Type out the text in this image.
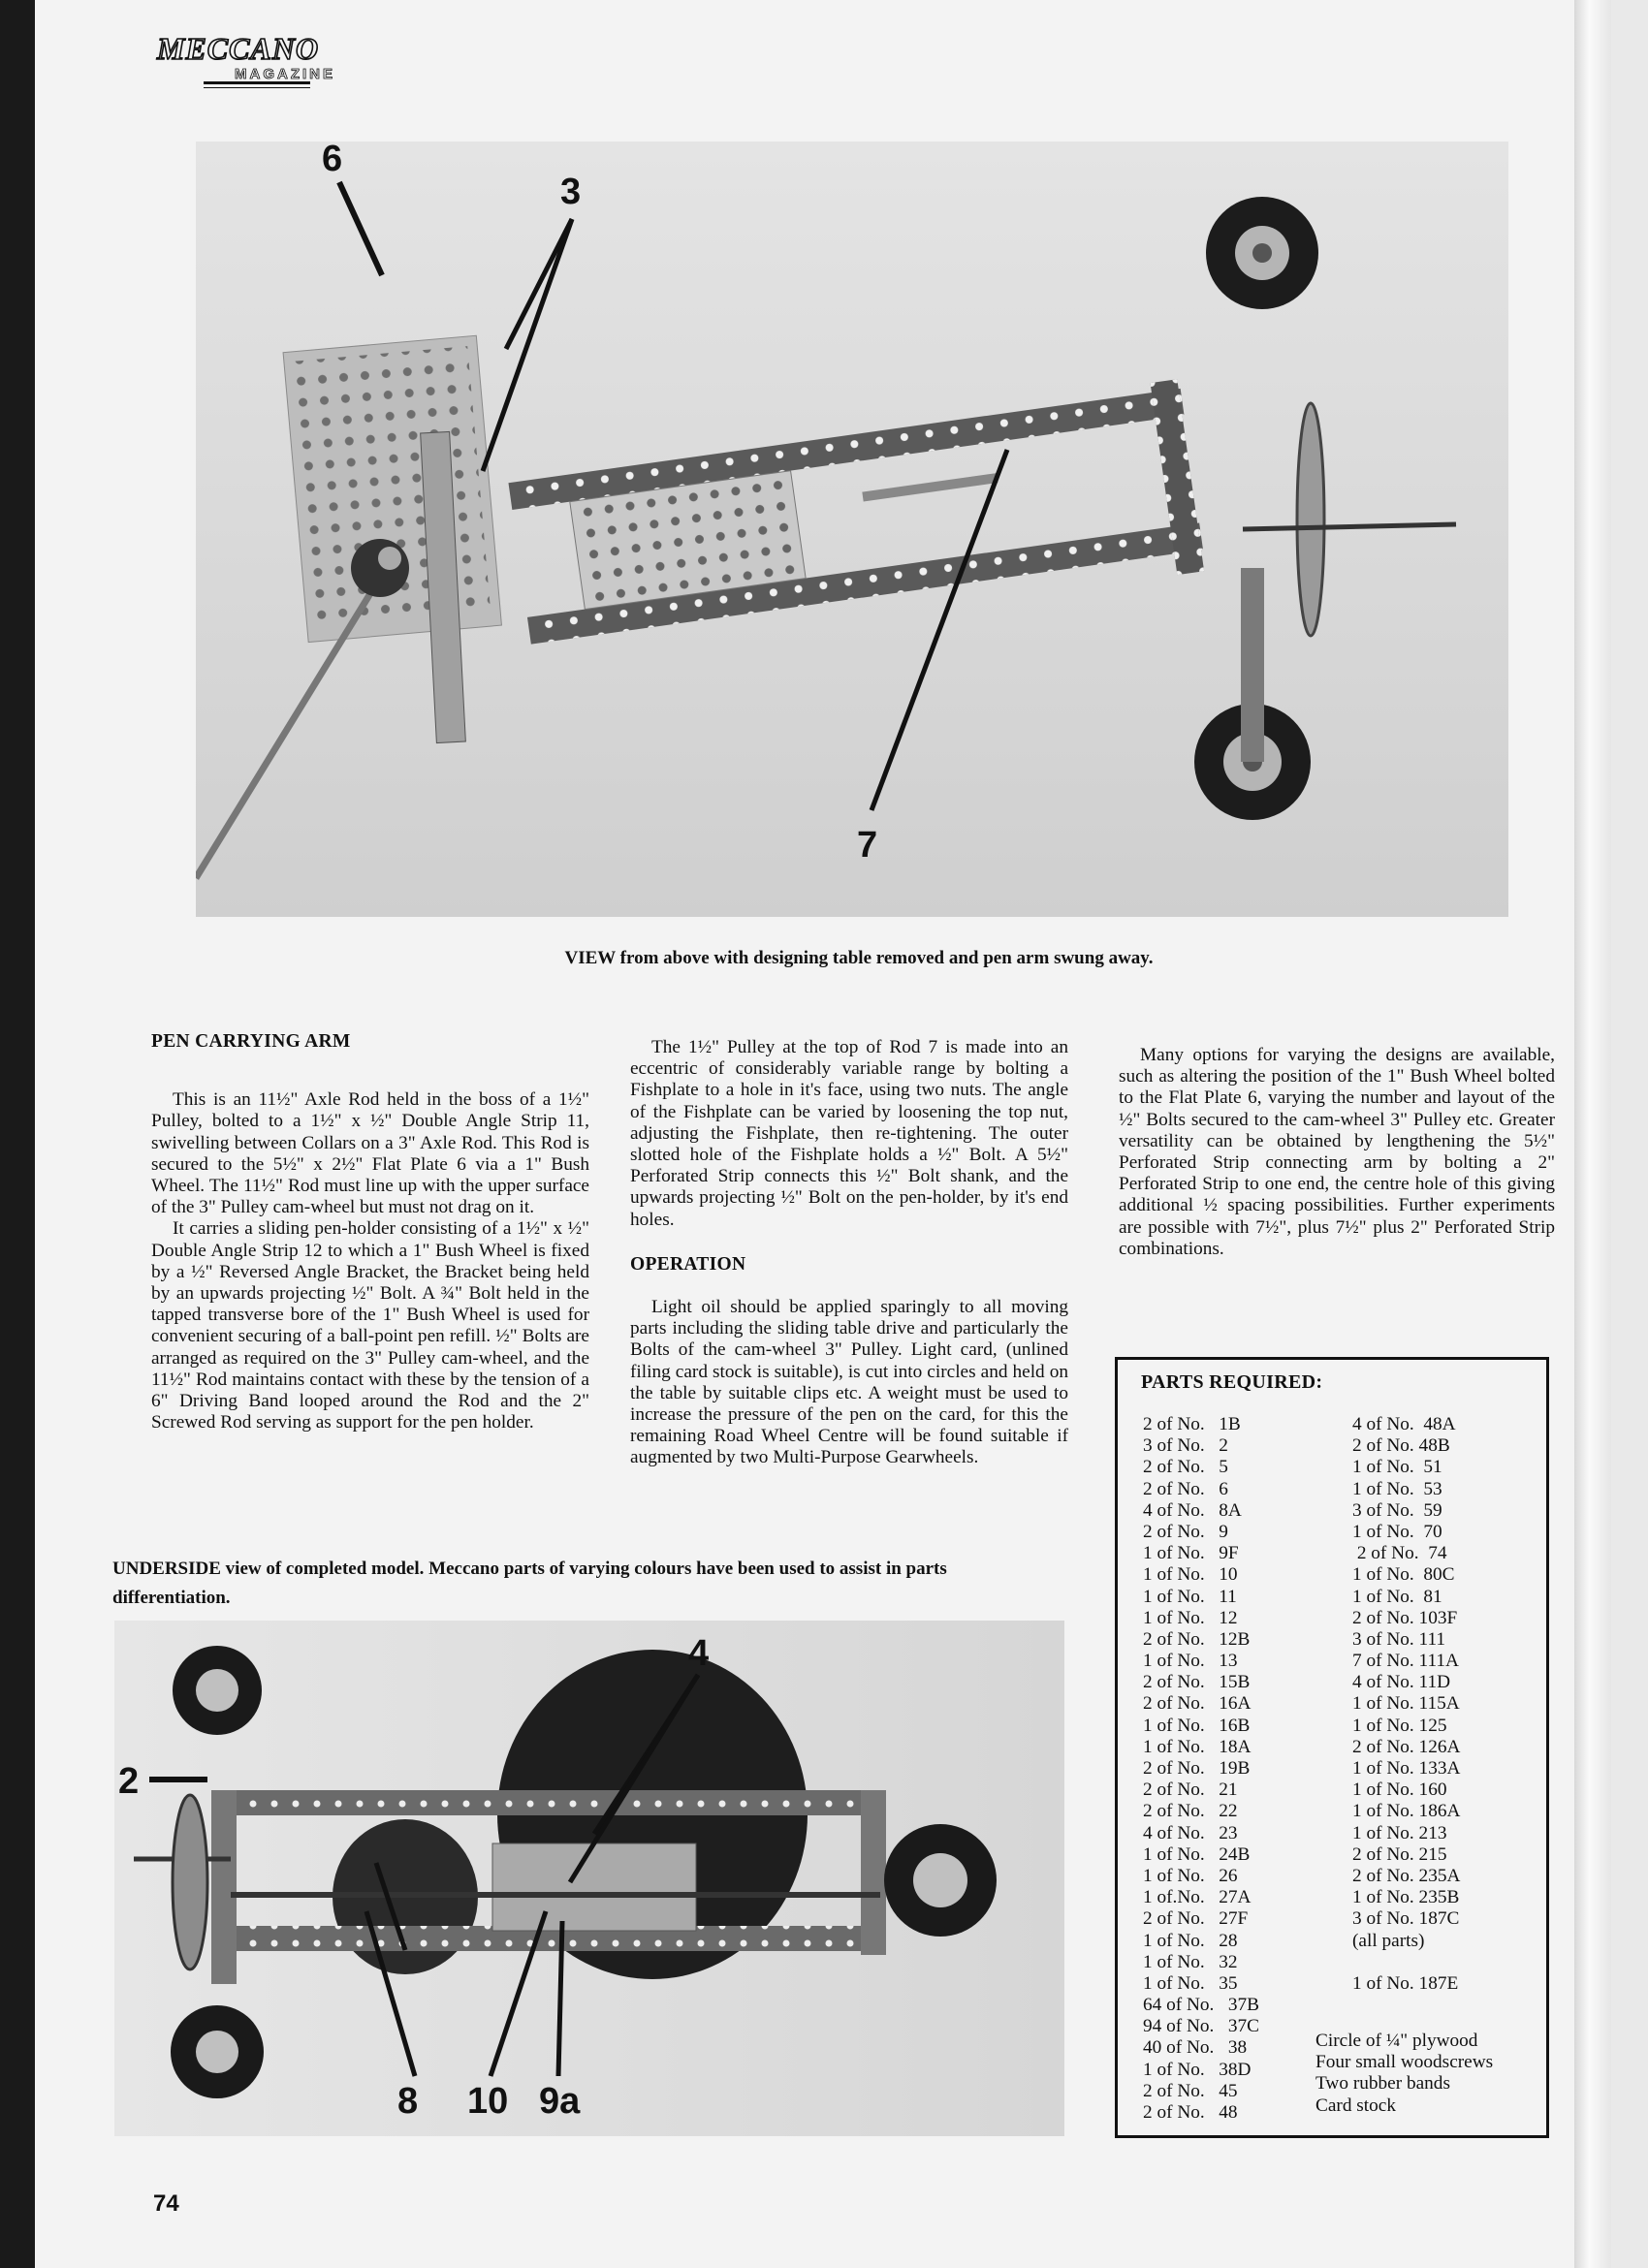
MECCANO
MAGAZINE
6
3
7
VIEW from above with designing table removed and pen arm swung away.
PEN CARRYING ARM

This is an 11½" Axle Rod held in the boss of a 1½" Pulley, bolted to a 1½" x ½" Double Angle Strip 11, swivelling between Collars on a 3" Axle Rod. This Rod is secured to the 5½" x 2½" Flat Plate 6 via a 1" Bush Wheel. The 11½" Rod must line up with the upper surface of the 3" Pulley cam-wheel but must not drag on it.

It carries a sliding pen-holder consisting of a 1½" x ½" Double Angle Strip 12 to which a 1" Bush Wheel is fixed by a ½" Reversed Angle Bracket, the Bracket being held by an upwards projecting ½" Bolt. A ¾" Bolt held in the tapped transverse bore of the 1" Bush Wheel is used for convenient securing of a ball-point pen refill. ½" Bolts are arranged as required on the 3" Pulley cam-wheel, and the 11½" Rod maintains contact with these by the tension of a 6" Driving Band looped around the Rod and the 2" Screwed Rod serving as support for the pen holder.

The 1½" Pulley at the top of Rod 7 is made into an eccentric of considerably variable range by bolting a Fishplate to a hole in it's face, using two nuts. The angle of the Fishplate can be varied by loosening the top nut, adjusting the Fishplate, then re-tightening. The outer slotted hole of the Fishplate holds a ½" Bolt. A 5½" Perforated Strip connects this ½" Bolt shank, and the upwards projecting ½" Bolt on the pen-holder, by it's end holes.

OPERATION

Light oil should be applied sparingly to all moving parts including the sliding table drive and particularly the Bolts of the cam-wheel 3" Pulley. Light card, (unlined filing card stock is suitable), is cut into circles and held on the table by suitable clips etc. A weight must be used to increase the pressure of the pen on the card, for this the remaining Road Wheel Centre will be found suitable if augmented by two Multi-Purpose Gearwheels.

Many options for varying the designs are available, such as altering the position of the 1" Bush Wheel bolted to the Flat Plate 6, varying the number and layout of the ½" Bolts secured to the cam-wheel 3" Pulley etc. Greater versatility can be obtained by lengthening the 5½" Perforated Strip connecting arm by bolting a 2" Perforated Strip to one end, the centre hole of this giving additional ½ spacing possibilities. Further experiments are possible with 7½", plus 7½" plus 2" Perforated Strip combinations.

PARTS REQUIRED:
2 of No.   1B
3 of No.   2
2 of No.   5
2 of No.   6
4 of No.   8A
2 of No.   9
1 of No.   9F
1 of No.   10
1 of No.   11
1 of No.   12
2 of No.   12B
1 of No.   13
2 of No.   15B
2 of No.   16A
1 of No.   16B
1 of No.   18A
2 of No.   19B
2 of No.   21
2 of No.   22
4 of No.   23
1 of No.   24B
1 of No.   26
1 of.No.   27A
2 of No.   27F
1 of No.   28
1 of No.   32
1 of No.   35
64 of No.   37B
94 of No.   37C
40 of No.   38
1 of No.   38D
2 of No.   45
2 of No.   48
4 of No.  48A
2 of No. 48B
1 of No.  51
1 of No.  53
3 of No.  59
1 of No.  70
2 of No.  74
1 of No.  80C
1 of No.  81
2 of No. 103F
3 of No. 111
7 of No. 111A
4 of No. 11D
1 of No. 115A
1 of No. 125
2 of No. 126A
1 of No. 133A
1 of No. 160
1 of No. 186A
1 of No. 213
2 of No. 215
2 of No. 235A
1 of No. 235B
3 of No. 187C
(all parts)
1 of No. 187E
Circle of ¼" plywood
Four small woodscrews
Two rubber bands
Card stock
UNDERSIDE view of completed model. Meccano parts of varying colours have been used to assist in parts differentiation.
2
4
8 10 9a
74
